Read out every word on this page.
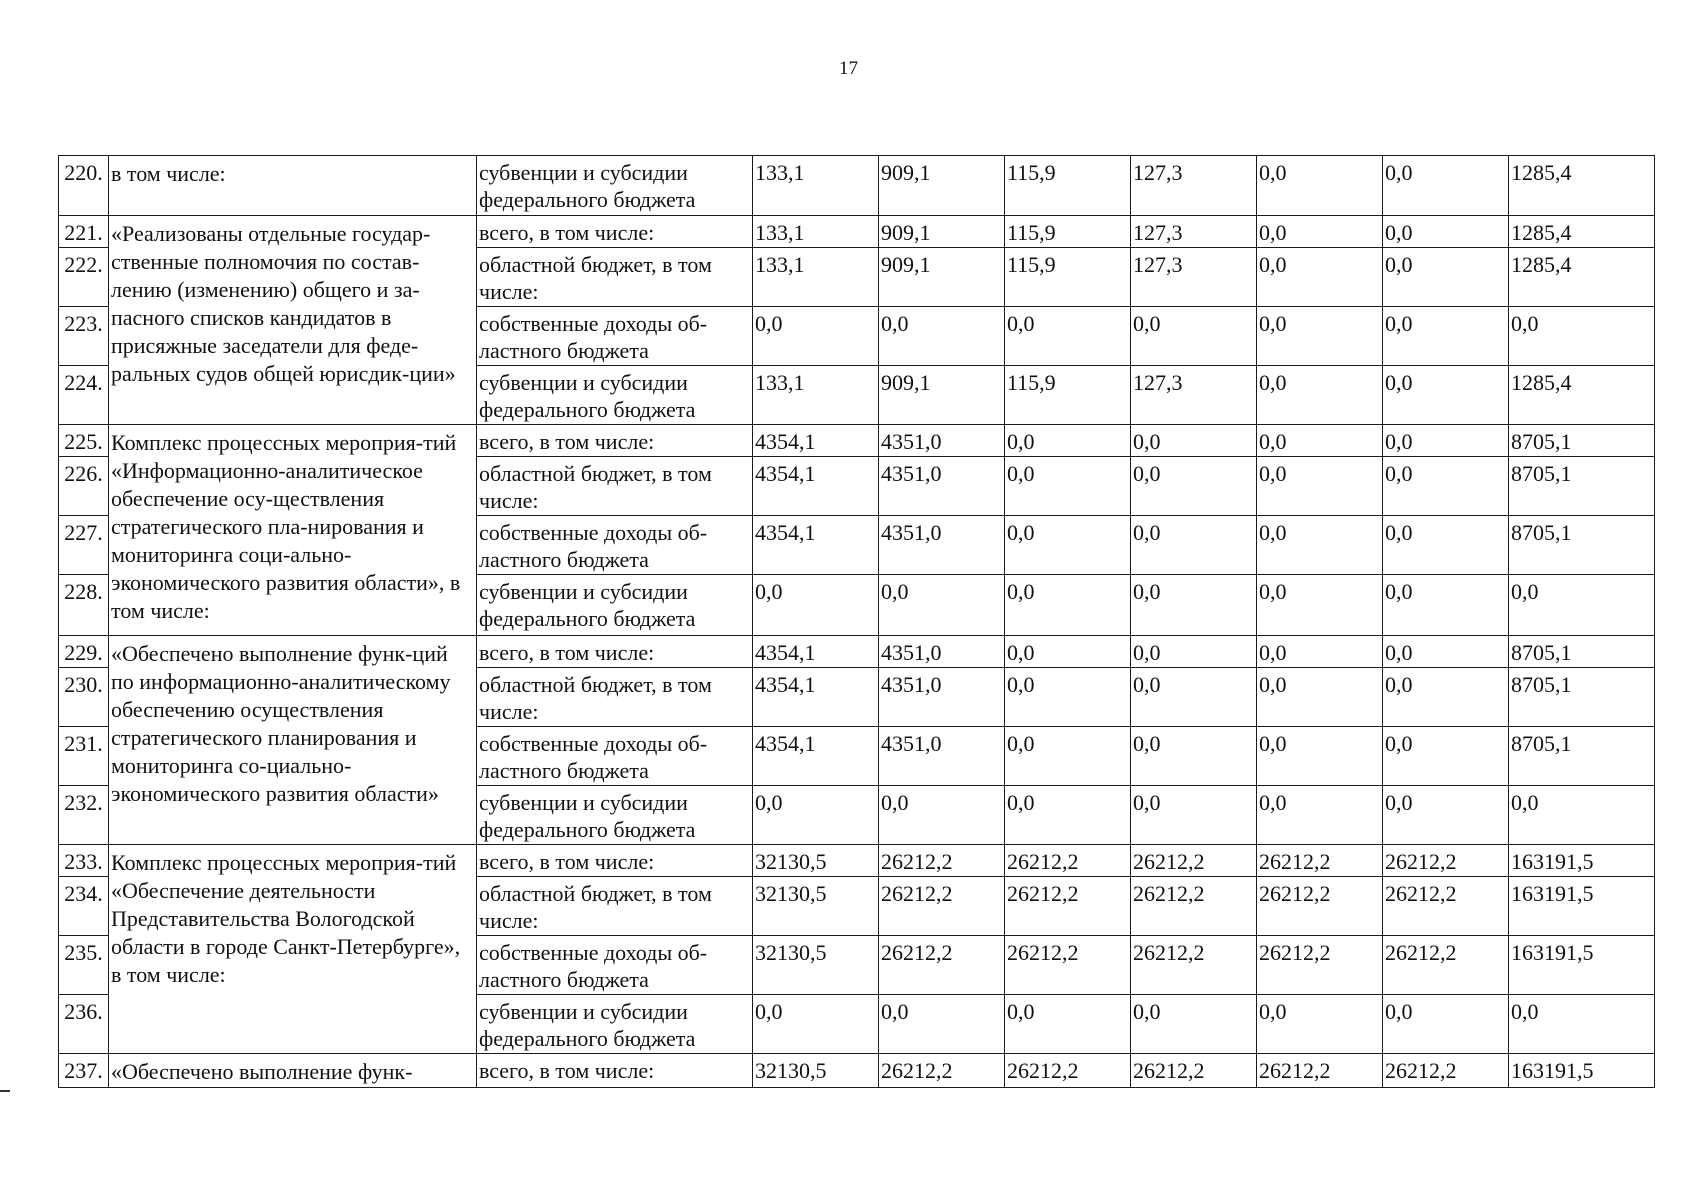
17
220.	в том числе:	субвенции и субсидии федерального бюджета	133,1	909,1	115,9	127,3	0,0	0,0	1285,4
221.	«Реализованы отдельные государ-ственные полномочия по состав-лению (изменению) общего и за-пасного списков кандидатов в присяжные заседатели для феде-ральных судов общей юрисдик-ции»	всего, в том числе:	133,1	909,1	115,9	127,3	0,0	0,0	1285,4
222.		областной бюджет, в том числе:	133,1	909,1	115,9	127,3	0,0	0,0	1285,4
223.		собственные доходы об-ластного бюджета	0,0	0,0	0,0	0,0	0,0	0,0	0,0
224.		субвенции и субсидии федерального бюджета	133,1	909,1	115,9	127,3	0,0	0,0	1285,4
225.	Комплекс процессных мероприя-тий «Информационно-аналитическое обеспечение осу-ществления стратегического пла-нирования и мониторинга соци-ально-экономического развития области», в том числе:	всего, в том числе:	4354,1	4351,0	0,0	0,0	0,0	0,0	8705,1
226.		областной бюджет, в том числе:	4354,1	4351,0	0,0	0,0	0,0	0,0	8705,1
227.		собственные доходы об-ластного бюджета	4354,1	4351,0	0,0	0,0	0,0	0,0	8705,1
228.		субвенции и субсидии федерального бюджета	0,0	0,0	0,0	0,0	0,0	0,0	0,0
229.	«Обеспечено выполнение функ-ций по информационно-аналитическому обеспечению осуществления стратегического планирования и мониторинга со-циально-экономического развития области»	всего, в том числе:	4354,1	4351,0	0,0	0,0	0,0	0,0	8705,1
230.		областной бюджет, в том числе:	4354,1	4351,0	0,0	0,0	0,0	0,0	8705,1
231.		собственные доходы об-ластного бюджета	4354,1	4351,0	0,0	0,0	0,0	0,0	8705,1
232.		субвенции и субсидии федерального бюджета	0,0	0,0	0,0	0,0	0,0	0,0	0,0
233.	Комплекс процессных мероприя-тий «Обеспечение деятельности Представительства Вологодской области в городе Санкт-Петербурге», в том числе:	всего, в том числе:	32130,5	26212,2	26212,2	26212,2	26212,2	26212,2	163191,5
234.		областной бюджет, в том числе:	32130,5	26212,2	26212,2	26212,2	26212,2	26212,2	163191,5
235.		собственные доходы об-ластного бюджета	32130,5	26212,2	26212,2	26212,2	26212,2	26212,2	163191,5
236.		субвенции и субсидии федерального бюджета	0,0	0,0	0,0	0,0	0,0	0,0	0,0
237.	«Обеспечено выполнение функ-	всего, в том числе:	32130,5	26212,2	26212,2	26212,2	26212,2	26212,2	163191,5
